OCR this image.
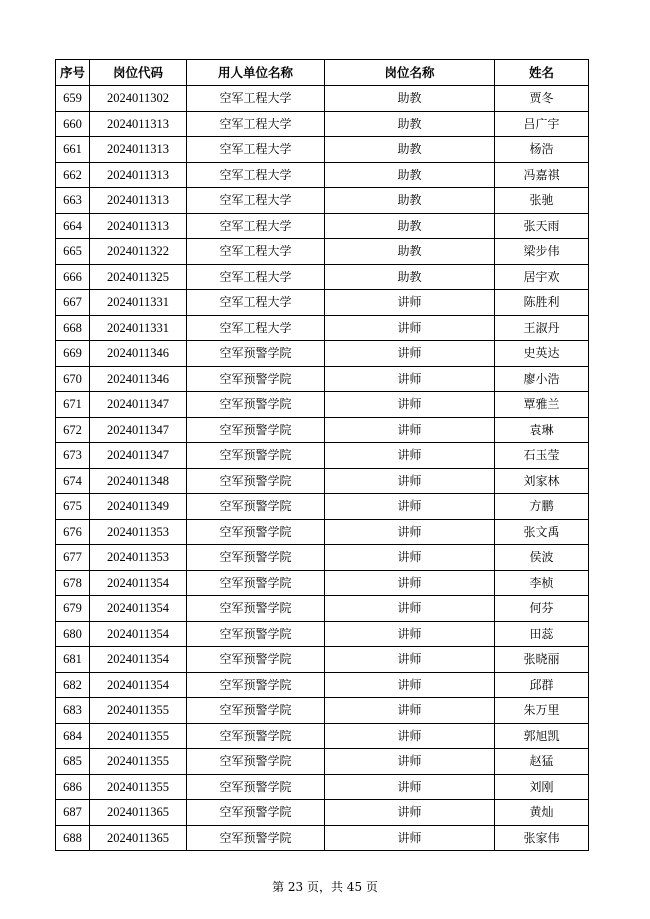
序号	岗位代码	用人单位名称	岗位名称	姓名
659	2024011302	空军工程大学	助教	贾冬
660	2024011313	空军工程大学	助教	吕广宇
661	2024011313	空军工程大学	助教	杨浩
662	2024011313	空军工程大学	助教	冯嘉祺
663	2024011313	空军工程大学	助教	张驰
664	2024011313	空军工程大学	助教	张天雨
665	2024011322	空军工程大学	助教	梁步伟
666	2024011325	空军工程大学	助教	居宇欢
667	2024011331	空军工程大学	讲师	陈胜利
668	2024011331	空军工程大学	讲师	王淑丹
669	2024011346	空军预警学院	讲师	史英达
670	2024011346	空军预警学院	讲师	廖小浩
671	2024011347	空军预警学院	讲师	覃雅兰
672	2024011347	空军预警学院	讲师	袁琳
673	2024011347	空军预警学院	讲师	石玉莹
674	2024011348	空军预警学院	讲师	刘家林
675	2024011349	空军预警学院	讲师	方鹏
676	2024011353	空军预警学院	讲师	张文禹
677	2024011353	空军预警学院	讲师	侯波
678	2024011354	空军预警学院	讲师	李桢
679	2024011354	空军预警学院	讲师	何芬
680	2024011354	空军预警学院	讲师	田蕊
681	2024011354	空军预警学院	讲师	张晓丽
682	2024011354	空军预警学院	讲师	邱群
683	2024011355	空军预警学院	讲师	朱万里
684	2024011355	空军预警学院	讲师	郭旭凯
685	2024011355	空军预警学院	讲师	赵猛
686	2024011355	空军预警学院	讲师	刘刚
687	2024011365	空军预警学院	讲师	黄灿
688	2024011365	空军预警学院	讲师	张家伟
第 23 页，共 45 页
